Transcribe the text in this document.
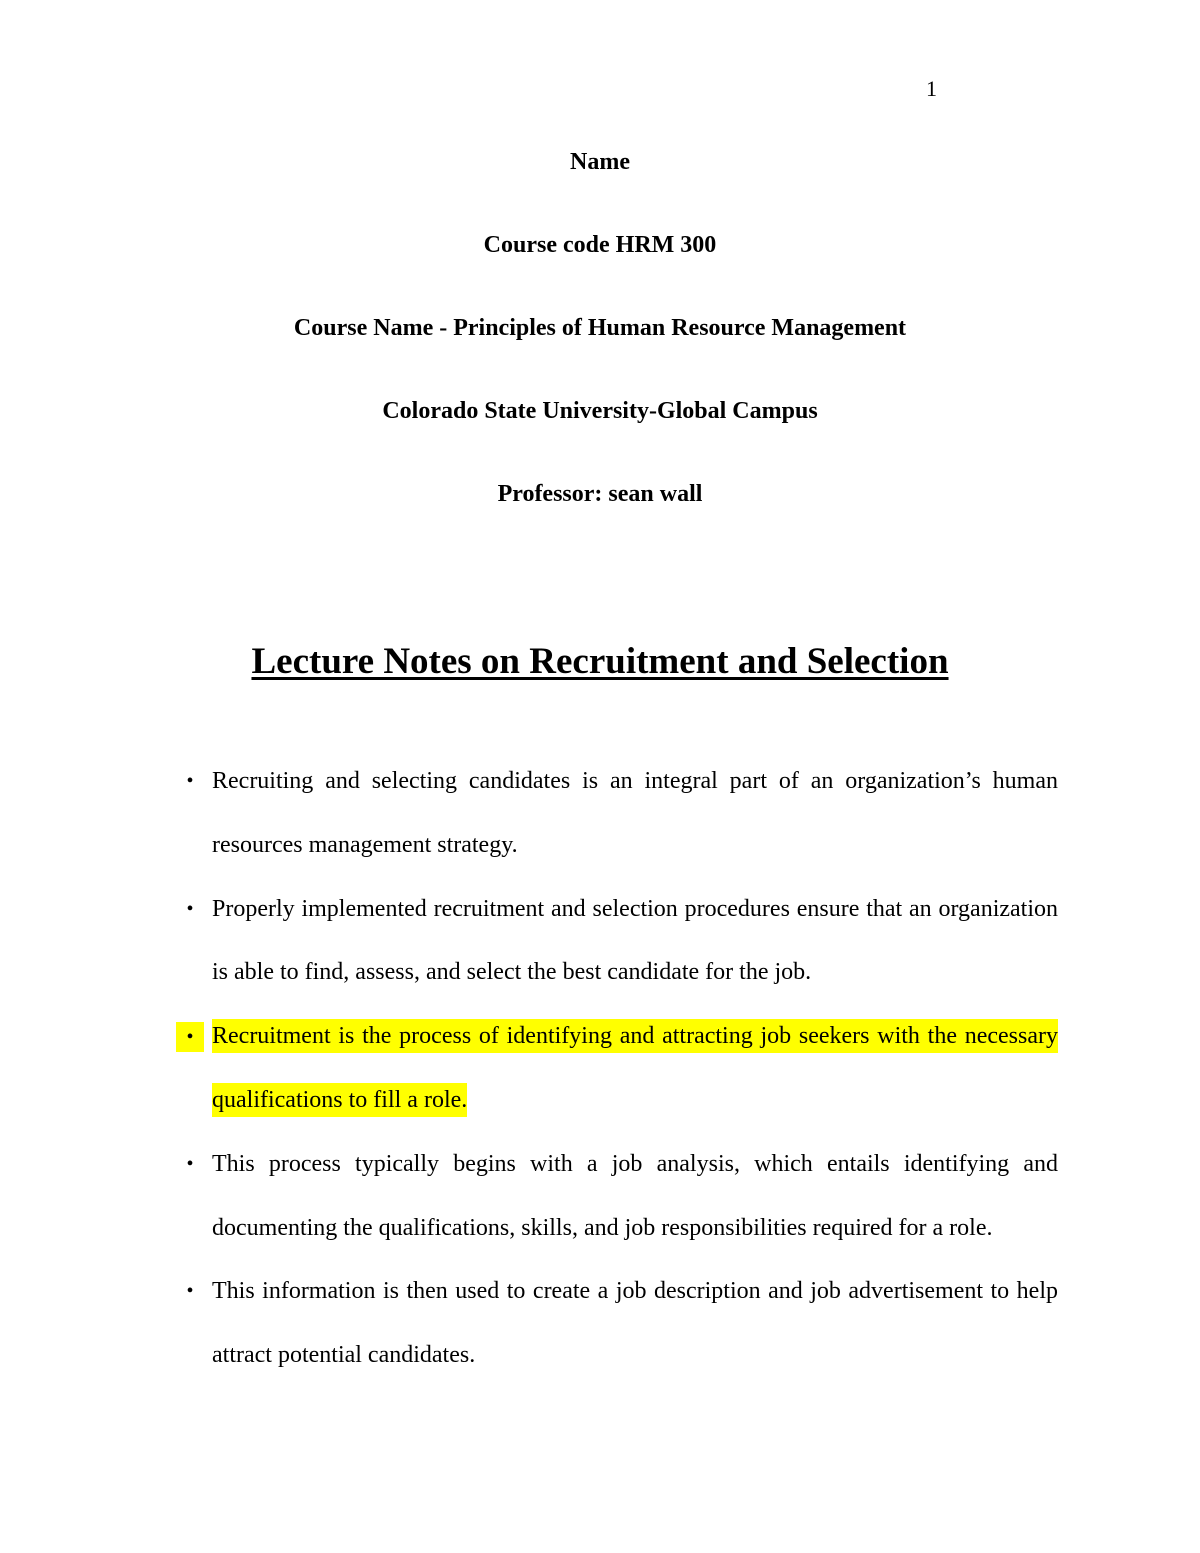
1
Name
Course code HRM 300
Course Name - Principles of Human Resource Management
Colorado State University-Global Campus
Professor: sean wall
Lecture Notes on Recruitment and Selection
• Recruiting and selecting candidates is an integral part of an organization’s human resources management strategy.
• Properly implemented recruitment and selection procedures ensure that an organization is able to find, assess, and select the best candidate for the job.
• Recruitment is the process of identifying and attracting job seekers with the necessary qualifications to fill a role.
• This process typically begins with a job analysis, which entails identifying and documenting the qualifications, skills, and job responsibilities required for a role.
• This information is then used to create a job description and job advertisement to help attract potential candidates.
